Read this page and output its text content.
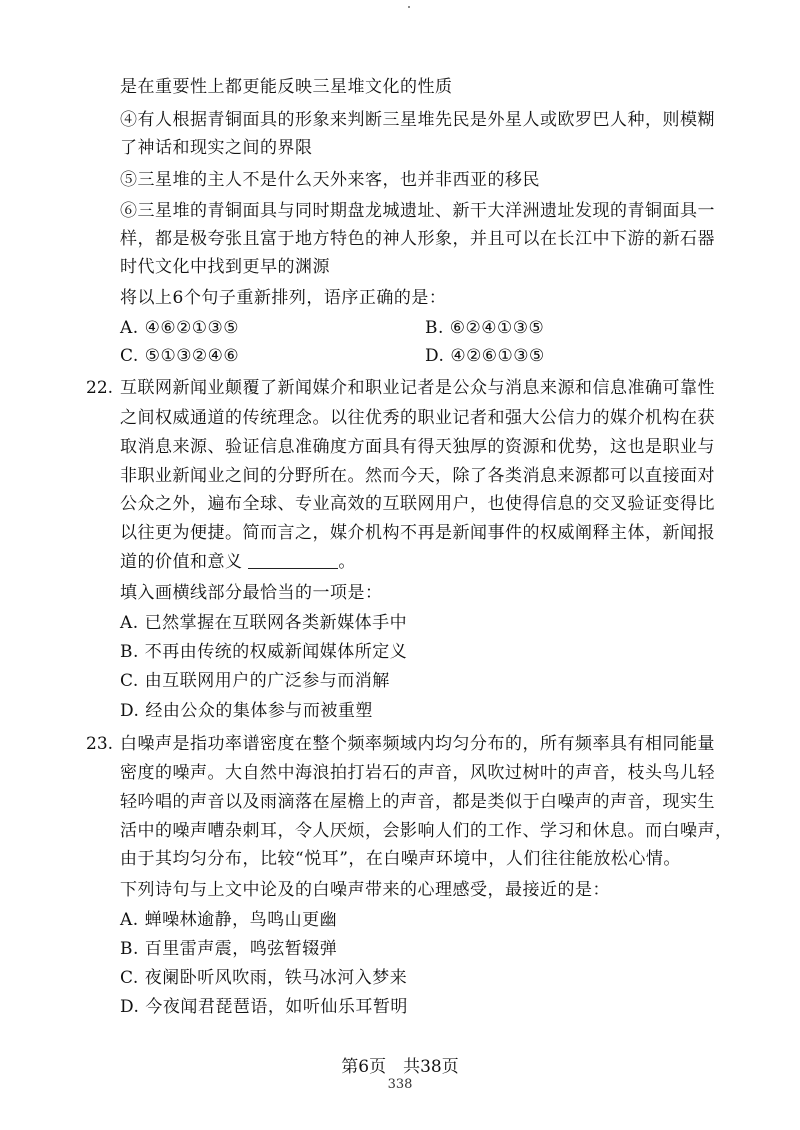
是在重要性上都更能反映三星堆文化的性质
④有人根据青铜面具的形象来判断三星堆先民是外星人或欧罗巴人种，则模糊
了神话和现实之间的界限
⑤三星堆的主人不是什么天外来客，也并非西亚的移民
⑥三星堆的青铜面具与同时期盘龙城遗址、新干大洋洲遗址发现的青铜面具一
样，都是极夸张且富于地方特色的神人形象，并且可以在长江中下游的新石器
时代文化中找到更早的渊源
将以上6个句子重新排列，语序正确的是：
A. ④⑥②①③⑤	B. ⑥②④①③⑤
C. ⑤①③②④⑥	D. ④②⑥①③⑤
22. 互联网新闻业颠覆了新闻媒介和职业记者是公众与消息来源和信息准确可靠性
之间权威通道的传统理念。以往优秀的职业记者和强大公信力的媒介机构在获
取消息来源、验证信息准确度方面具有得天独厚的资源和优势，这也是职业与
非职业新闻业之间的分野所在。然而今天，除了各类消息来源都可以直接面对
公众之外，遍布全球、专业高效的互联网用户，也使得信息的交叉验证变得比
以往更为便捷。简而言之，媒介机构不再是新闻事件的权威阐释主体，新闻报
道的价值和意义	。
填入画横线部分最恰当的一项是：
A. 已然掌握在互联网各类新媒体手中
B. 不再由传统的权威新闻媒体所定义
C. 由互联网用户的广泛参与而消解
D. 经由公众的集体参与而被重塑
23. 白噪声是指功率谱密度在整个频率频域内均匀分布的，所有频率具有相同能量
密度的噪声。大自然中海浪拍打岩石的声音，风吹过树叶的声音，枝头鸟儿轻
轻吟唱的声音以及雨滴落在屋檐上的声音，都是类似于白噪声的声音，现实生
活中的噪声嘈杂刺耳，令人厌烦，会影响人们的工作、学习和休息。而白噪声，
由于其均匀分布，比较“悦耳”，在白噪声环境中，人们往往能放松心情。
下列诗句与上文中论及的白噪声带来的心理感受，最接近的是：
A. 蝉噪林逾静，鸟鸣山更幽
B. 百里雷声震，鸣弦暂辍弹
C. 夜阑卧听风吹雨，铁马冰河入梦来
D. 今夜闻君琵琶语，如听仙乐耳暂明
第6页　共38页
338
